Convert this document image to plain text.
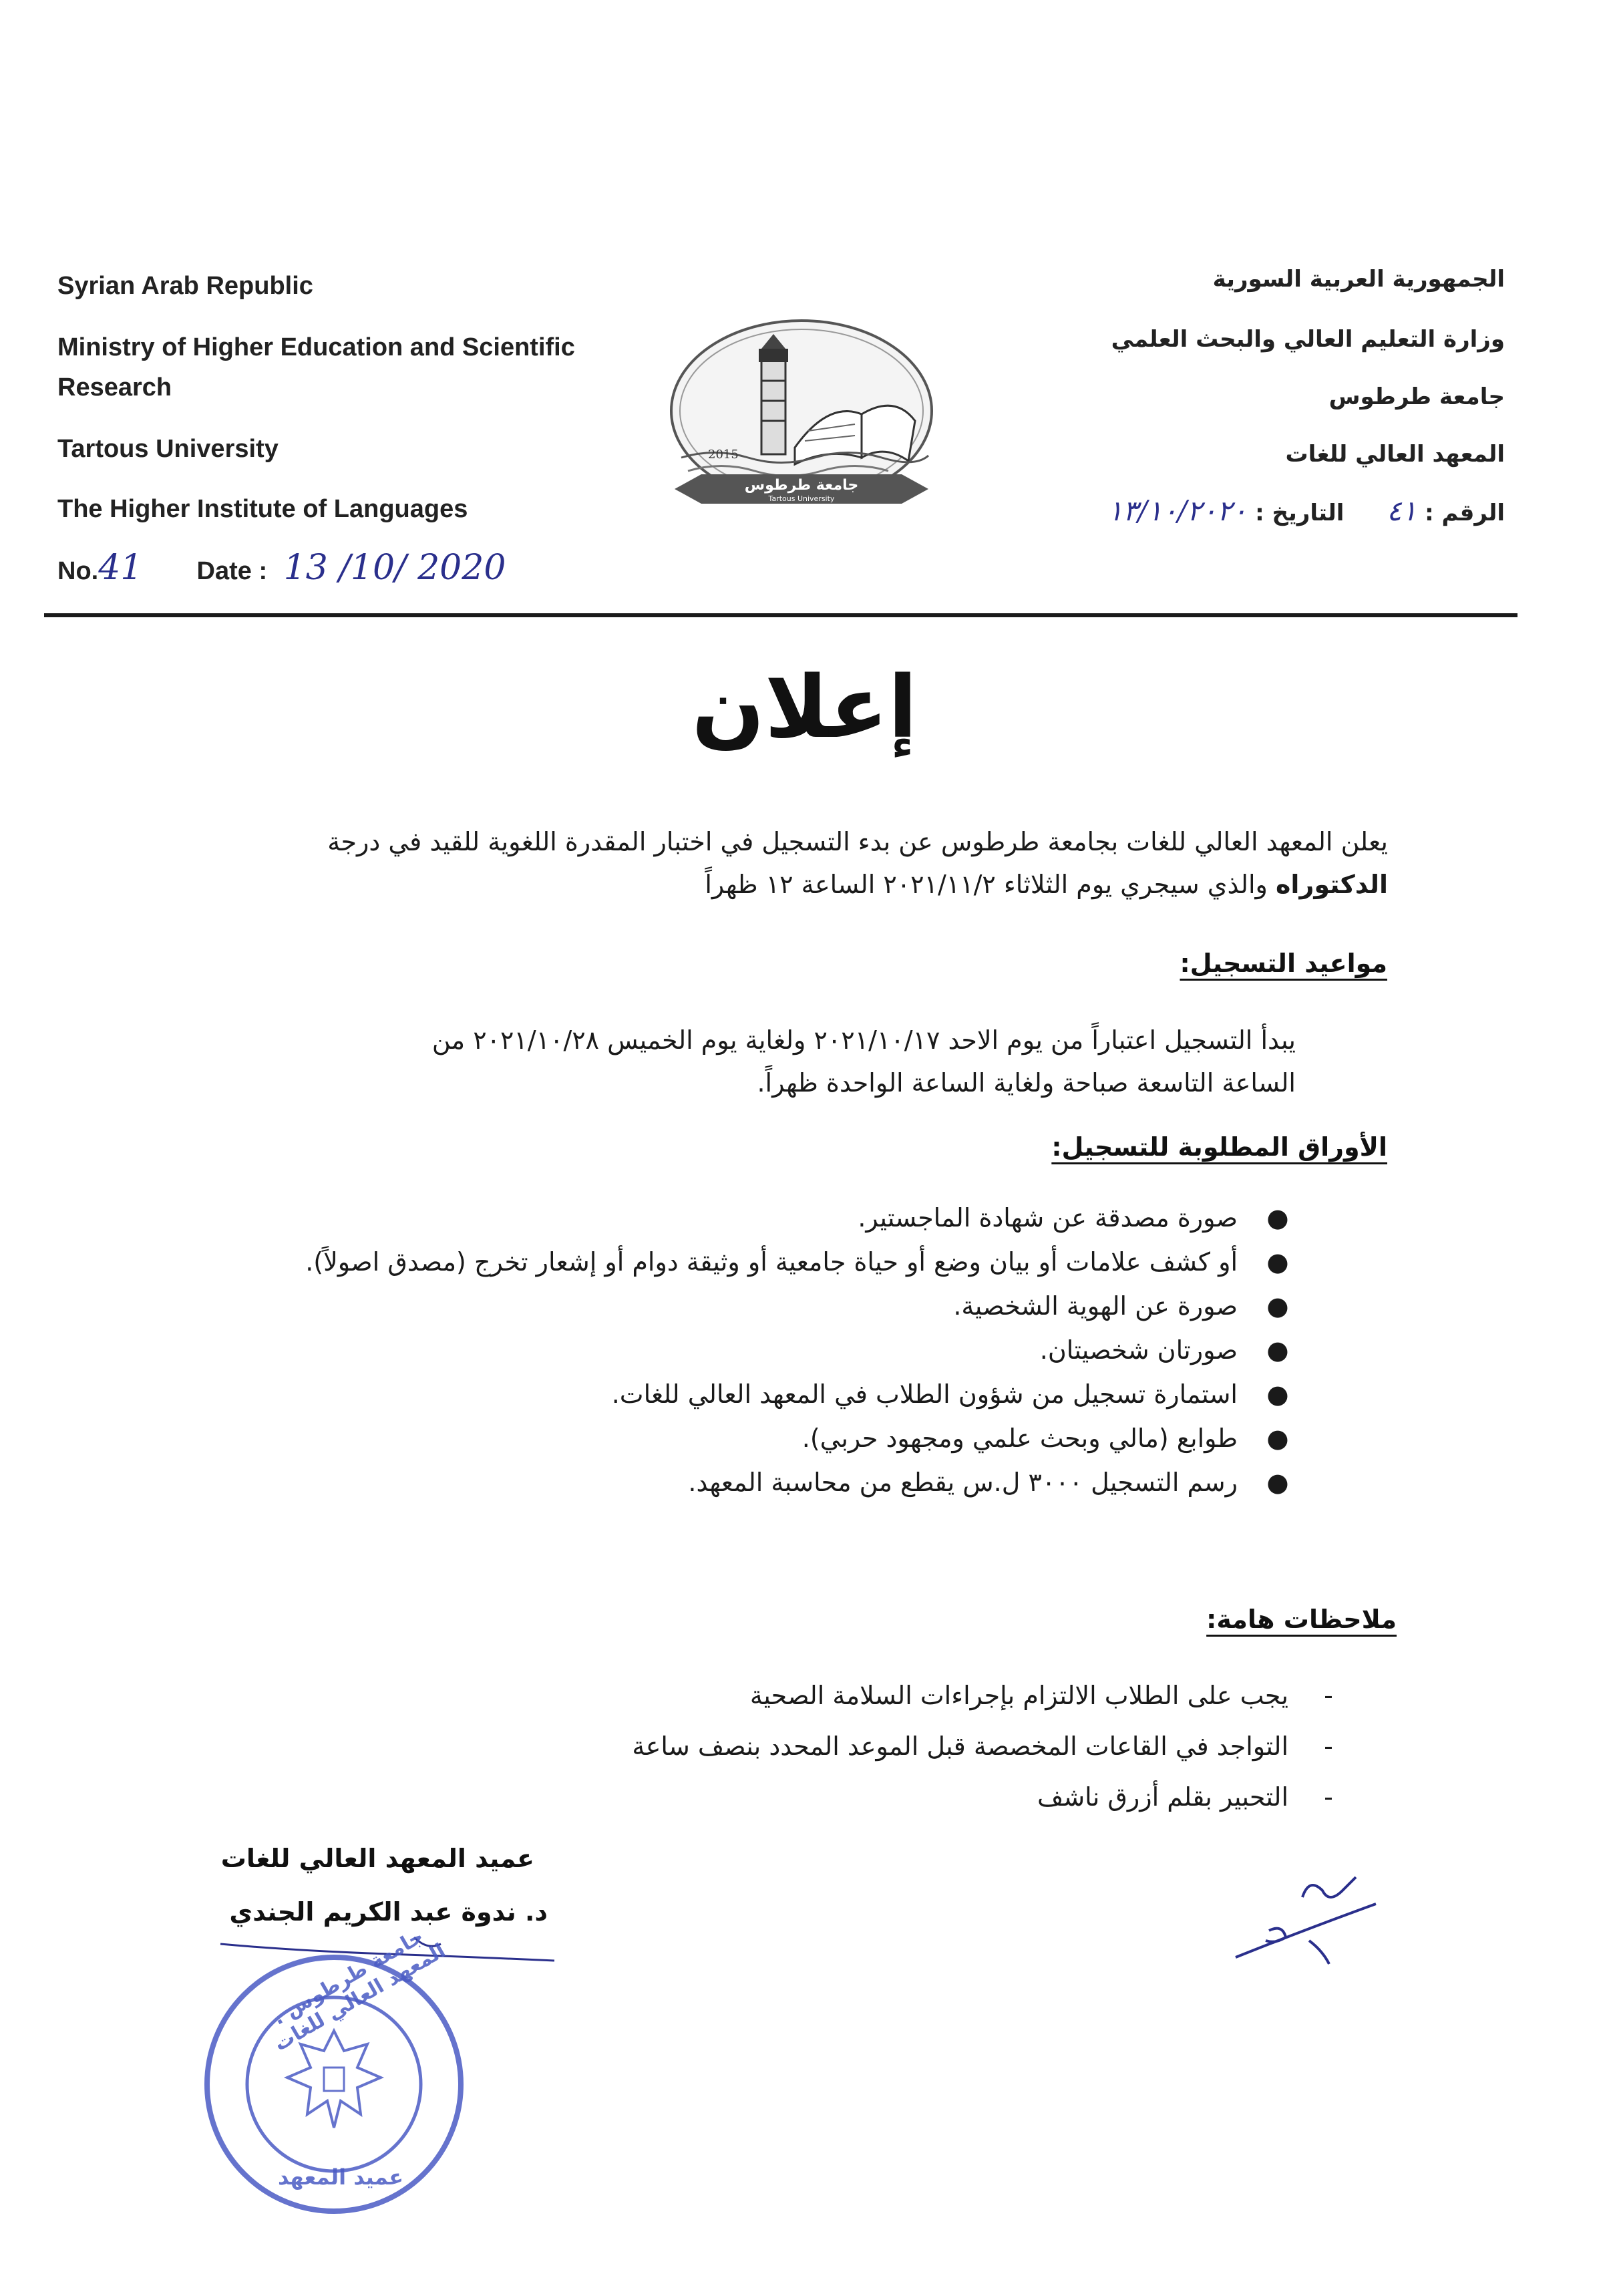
Syrian Arab Republic
Ministry of Higher Education and Scientific Research
Tartous University
The Higher Institute of Languages
No.41 Date : 13 /10/ 2020
2015
جامعة طرطوس
Tartous University
الجمهورية العربية السورية
وزارة التعليم العالي والبحث العلمي
جامعة طرطوس
المعهد العالي للغات
الرقم : ٤١  التاريخ : ١٣/١٠/٢٠٢٠
إعلان
يعلن المعهد العالي للغات بجامعة طرطوس عن بدء التسجيل في اختبار المقدرة اللغوية للقيد في درجة
الدكتوراه والذي سيجري يوم الثلاثاء ٢٠٢١/١١/٢ الساعة ١٢ ظهراً
مواعيد التسجيل:
يبدأ التسجيل اعتباراً من يوم الاحد ٢٠٢١/١٠/١٧ ولغاية يوم الخميس ٢٠٢١/١٠/٢٨ من
الساعة التاسعة صباحة ولغاية الساعة الواحدة ظهراً.
الأوراق المطلوبة للتسجيل:
●
صورة مصدقة عن شهادة الماجستير.
●
أو كشف علامات أو بيان وضع أو حياة جامعية أو وثيقة دوام أو إشعار تخرج (مصدق اصولاً).
●
صورة عن الهوية الشخصية.
●
صورتان شخصيتان.
●
استمارة تسجيل من شؤون الطلاب في المعهد العالي للغات.
●
طوابع (مالي وبحث علمي ومجهود حربي).
●
رسم التسجيل ٣٠٠٠ ل.س يقطع من محاسبة المعهد.
ملاحظات هامة:
-
يجب على الطلاب الالتزام بإجراءات السلامة الصحية
-
التواجد في القاعات المخصصة قبل الموعد المحدد بنصف ساعة
-
التحبير بقلم أزرق ناشف
عميد المعهد العالي للغات
د. ندوة عبد الكريم الجندي
جامعة طرطوس . المعهد العالي للغات
عميد المعهد
